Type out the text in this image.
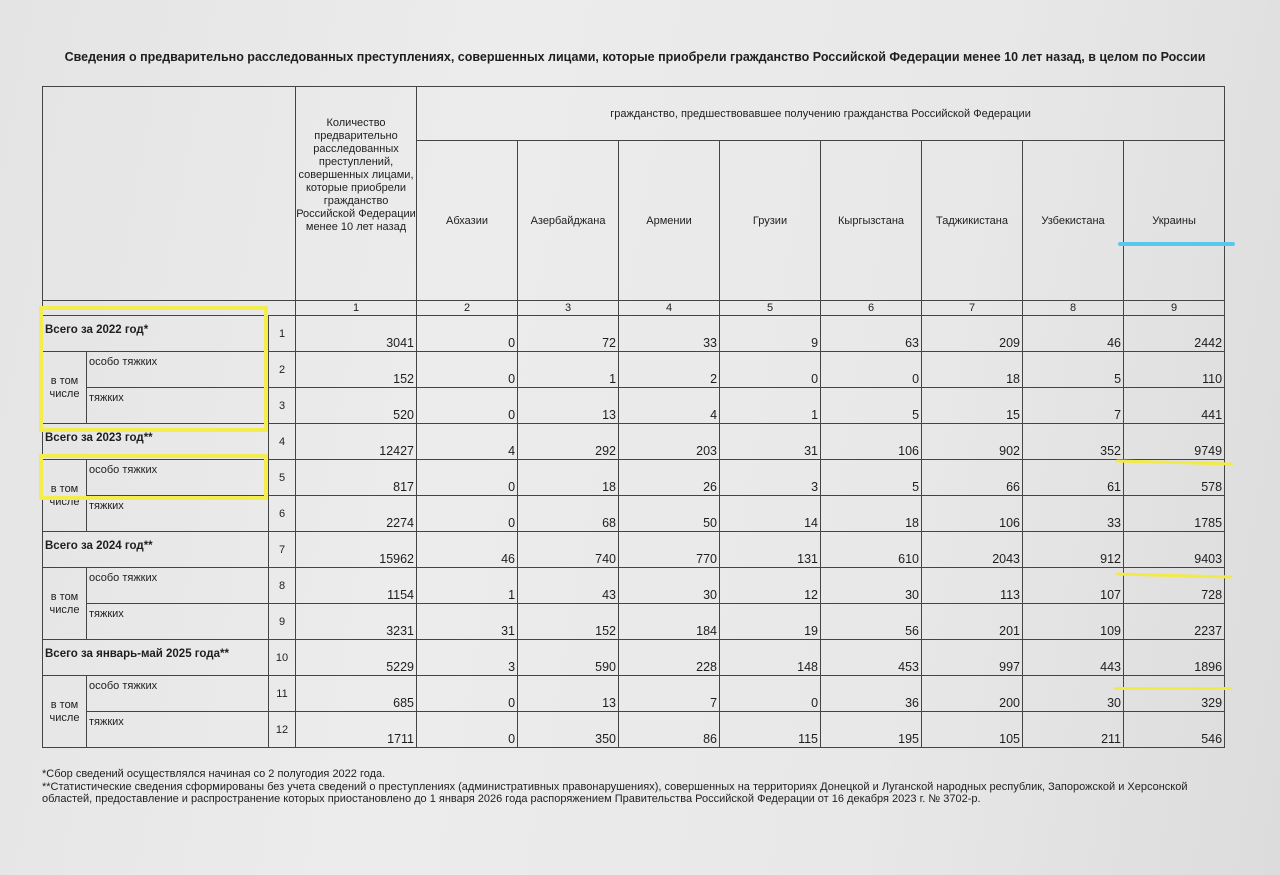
Сведения о предварительно расследованных преступлениях, совершенных лицами, которые приобрели гражданство Российской Федерации менее 10 лет назад, в целом по России
			Количество предварительно расследованных преступлений, совершенных лицами, которые приобрели гражданство Российской Федерации менее 10 лет назад	гражданство, предшествовавшее получению гражданства Российской Федерации							
				Абхазии	Азербайджана	Армении	Грузии	Кыргызстана	Таджикистана	Узбекистана	Украины
			1	2	3	4	5	6	7	8	9
Всего за 2022 год*		1	3041	0	72	33	9	63	209	46	2442
в том числе	особо тяжких	2	152	0	1	2	0	0	18	5	110
	тяжких	3	520	0	13	4	1	5	15	7	441
Всего за 2023 год**		4	12427	4	292	203	31	106	902	352	9749
в том числе	особо тяжких	5	817	0	18	26	3	5	66	61	578
	тяжких	6	2274	0	68	50	14	18	106	33	1785
Всего за 2024 год**		7	15962	46	740	770	131	610	2043	912	9403
в том числе	особо тяжких	8	1154	1	43	30	12	30	113	107	728
	тяжких	9	3231	31	152	184	19	56	201	109	2237
Всего за январь-май 2025 года**		10	5229	3	590	228	148	453	997	443	1896
в том числе	особо тяжких	11	685	0	13	7	0	36	200	30	329
	тяжких	12	1711	0	350	86	115	195	105	211	546

*Сбор сведений осуществлялся начиная со 2 полугодия 2022 года.

**Статистические сведения сформированы без учета сведений о преступлениях (административных правонарушениях), совершенных на территориях Донецкой и Луганской народных республик, Запорожской и Херсонской областей, предоставление и распространение которых приостановлено до 1 января 2026 года распоряжением Правительства Российской Федерации от 16 декабря 2023 г. № 3702-р.
